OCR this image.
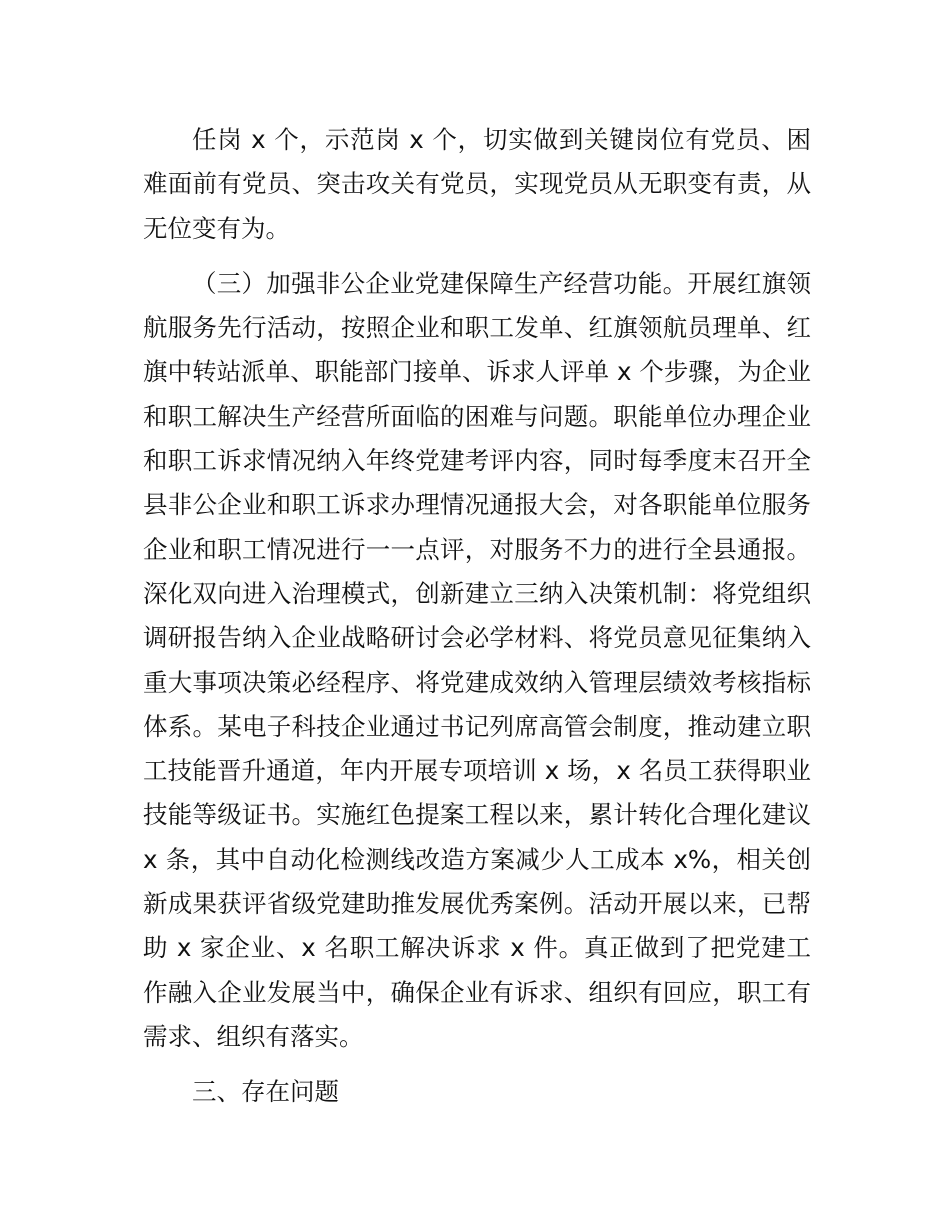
任岗 x 个，示范岗 x 个，切实做到关键岗位有党员、困难面前有党员、突击攻关有党员，实现党员从无职变有责，从无位变有为。

（三）加强非公企业党建保障生产经营功能。开展红旗领航服务先行活动，按照企业和职工发单、红旗领航员理单、红旗中转站派单、职能部门接单、诉求人评单 x 个步骤，为企业和职工解决生产经营所面临的困难与问题。职能单位办理企业和职工诉求情况纳入年终党建考评内容，同时每季度末召开全县非公企业和职工诉求办理情况通报大会，对各职能单位服务企业和职工情况进行一一点评，对服务不力的进行全县通报。深化双向进入治理模式，创新建立三纳入决策机制：将党组织调研报告纳入企业战略研讨会必学材料、将党员意见征集纳入重大事项决策必经程序、将党建成效纳入管理层绩效考核指标体系。某电子科技企业通过书记列席高管会制度，推动建立职工技能晋升通道，年内开展专项培训 x 场，x 名员工获得职业技能等级证书。实施红色提案工程以来，累计转化合理化建议x 条，其中自动化检测线改造方案减少人工成本 x%，相关创新成果获评省级党建助推发展优秀案例。活动开展以来，已帮助 x 家企业、x 名职工解决诉求 x 件。真正做到了把党建工作融入企业发展当中，确保企业有诉求、组织有回应，职工有需求、组织有落实。

三、存在问题
